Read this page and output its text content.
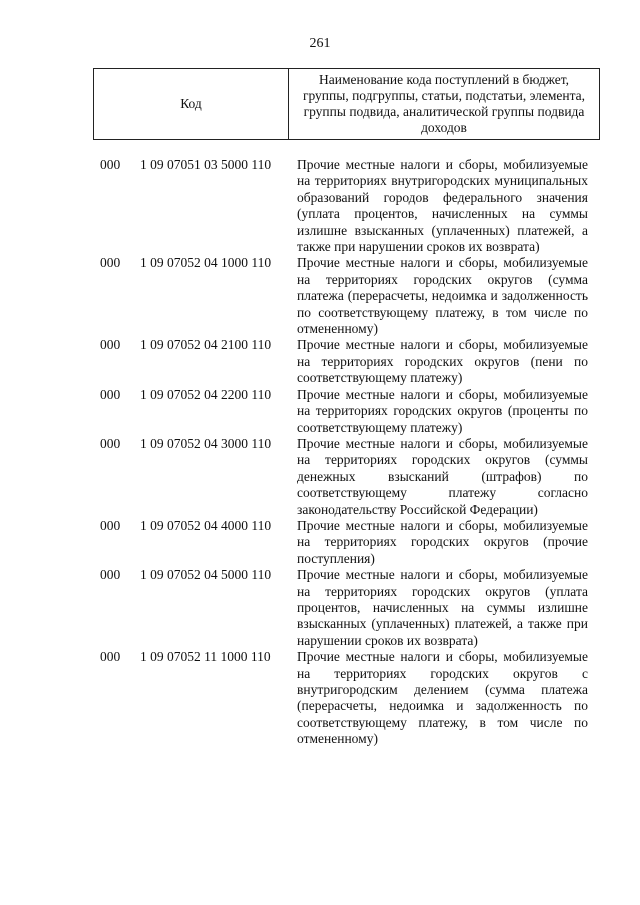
261
Код
Наименование кода поступлений в бюджет, группы, подгруппы, статьи, подстатьи, элемента, группы подвида, аналитической группы подвида доходов
000 1 09 07051 03 5000 110 Прочие местные налоги и сборы, мобилизуемые на территориях внутригородских муниципальных образований городов федерального значения (уплата процентов, начисленных на суммы излишне взысканных (уплаченных) платежей, а также при нарушении сроков их возврата)
000 1 09 07052 04 1000 110 Прочие местные налоги и сборы, мобилизуемые на территориях городских округов (сумма платежа (перерасчеты, недоимка и задолженность по соответствующему платежу, в том числе по отмененному)
000 1 09 07052 04 2100 110 Прочие местные налоги и сборы, мобилизуемые на территориях городских округов (пени по соответствующему платежу)
000 1 09 07052 04 2200 110 Прочие местные налоги и сборы, мобилизуемые на территориях городских округов (проценты по соответствующему платежу)
000 1 09 07052 04 3000 110 Прочие местные налоги и сборы, мобилизуемые на территориях городских округов (суммы денежных взысканий (штрафов) по соответствующему платежу согласно законодательству Российской Федерации)
000 1 09 07052 04 4000 110 Прочие местные налоги и сборы, мобилизуемые на территориях городских округов (прочие поступления)
000 1 09 07052 04 5000 110 Прочие местные налоги и сборы, мобилизуемые на территориях городских округов (уплата процентов, начисленных на суммы излишне взысканных (уплаченных) платежей, а также при нарушении сроков их возврата)
000 1 09 07052 11 1000 110 Прочие местные налоги и сборы, мобилизуемые на территориях городских округов с внутригородским делением (сумма платежа (перерасчеты, недоимка и задолженность по соответствующему платежу, в том числе по отмененному)
